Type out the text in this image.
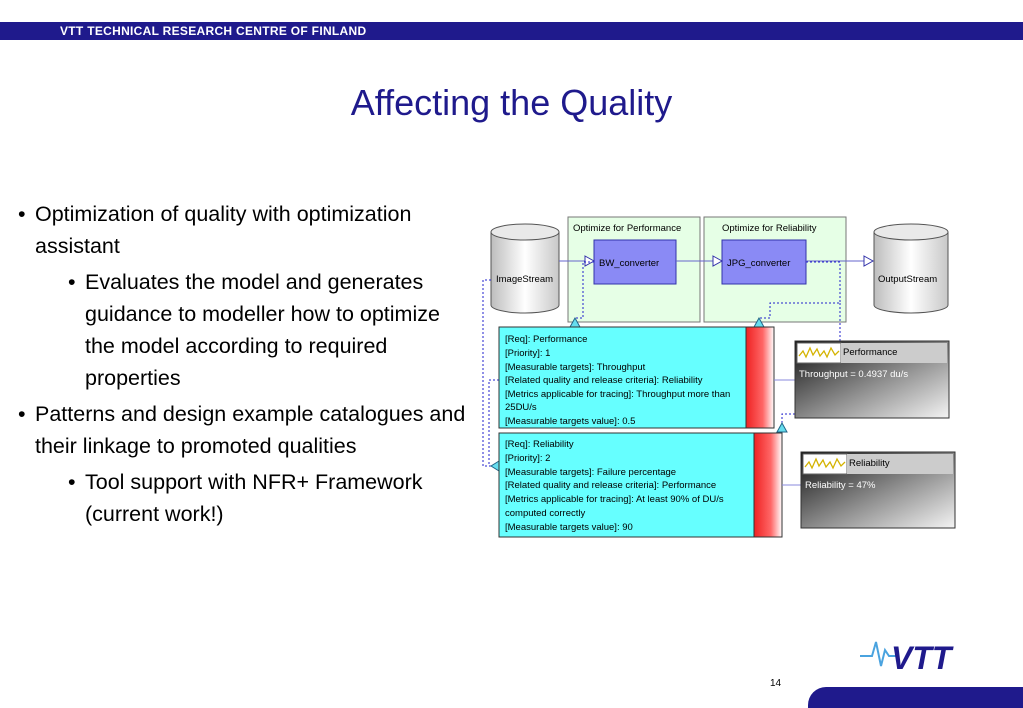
VTT TECHNICAL RESEARCH CENTRE OF FINLAND
Affecting the Quality
• Optimization of quality with optimization assistant
• Evaluates the model and generates guidance to modeller how to optimize the model according to required properties
• Patterns and design example catalogues and their linkage to promoted qualities
• Tool support with NFR+ Framework (current work!)
ImageStream	OutputStream
Optimize for Performance
BW_converter
Optimize for Reliability
JPG_converter
[Req]: Performance
[Priority]: 1
[Measurable targets]: Throughput
[Related quality and release criteria]: Reliability
[Metrics applicable for tracing]: Throughput more than
25DU/s
[Measurable targets value]: 0.5
[Req]: Reliability
[Priority]: 2
[Measurable targets]: Failure percentage
[Related quality and release criteria]: Performance
[Metrics applicable for tracing]: At least 90% of DU/s
computed correctly
[Measurable targets value]: 90
Performance
Throughput = 0.4937 du/s
Reliability
Reliability = 47%
14
VTT
